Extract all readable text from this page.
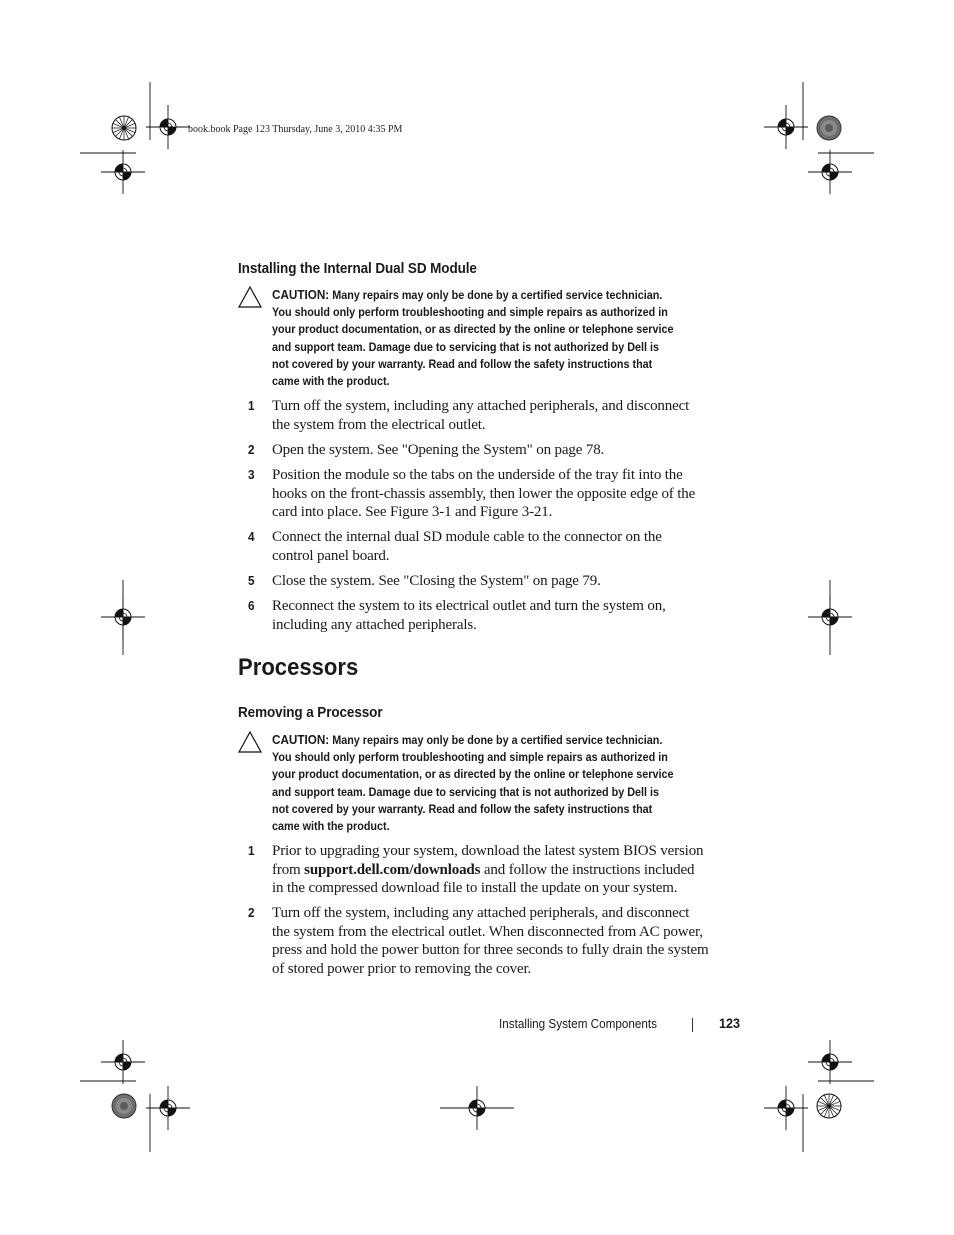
book.book Page 123 Thursday, June 3, 2010 4:35 PM
Installing the Internal Dual SD Module
CAUTION: Many repairs may only be done by a certified service technician.
You should only perform troubleshooting and simple repairs as authorized in
your product documentation, or as directed by the online or telephone service
and support team. Damage due to servicing that is not authorized by Dell is
not covered by your warranty. Read and follow the safety instructions that
came with the product.
1 Turn off the system, including any attached peripherals, and disconnect
the system from the electrical outlet.
2 Open the system. See "Opening the System" on page 78.
3 Position the module so the tabs on the underside of the tray fit into the
hooks on the front-chassis assembly, then lower the opposite edge of the
card into place. See Figure 3-1 and Figure 3-21.
4 Connect the internal dual SD module cable to the connector on the
control panel board.
5 Close the system. See "Closing the System" on page 79.
6 Reconnect the system to its electrical outlet and turn the system on,
including any attached peripherals.
Processors
Removing a Processor
CAUTION: Many repairs may only be done by a certified service technician.
You should only perform troubleshooting and simple repairs as authorized in
your product documentation, or as directed by the online or telephone service
and support team. Damage due to servicing that is not authorized by Dell is
not covered by your warranty. Read and follow the safety instructions that
came with the product.
1 Prior to upgrading your system, download the latest system BIOS version
from support.dell.com/downloads and follow the instructions included
in the compressed download file to install the update on your system.
2 Turn off the system, including any attached peripherals, and disconnect
the system from the electrical outlet. When disconnected from AC power,
press and hold the power button for three seconds to fully drain the system
of stored power prior to removing the cover.
Installing System Components	123
